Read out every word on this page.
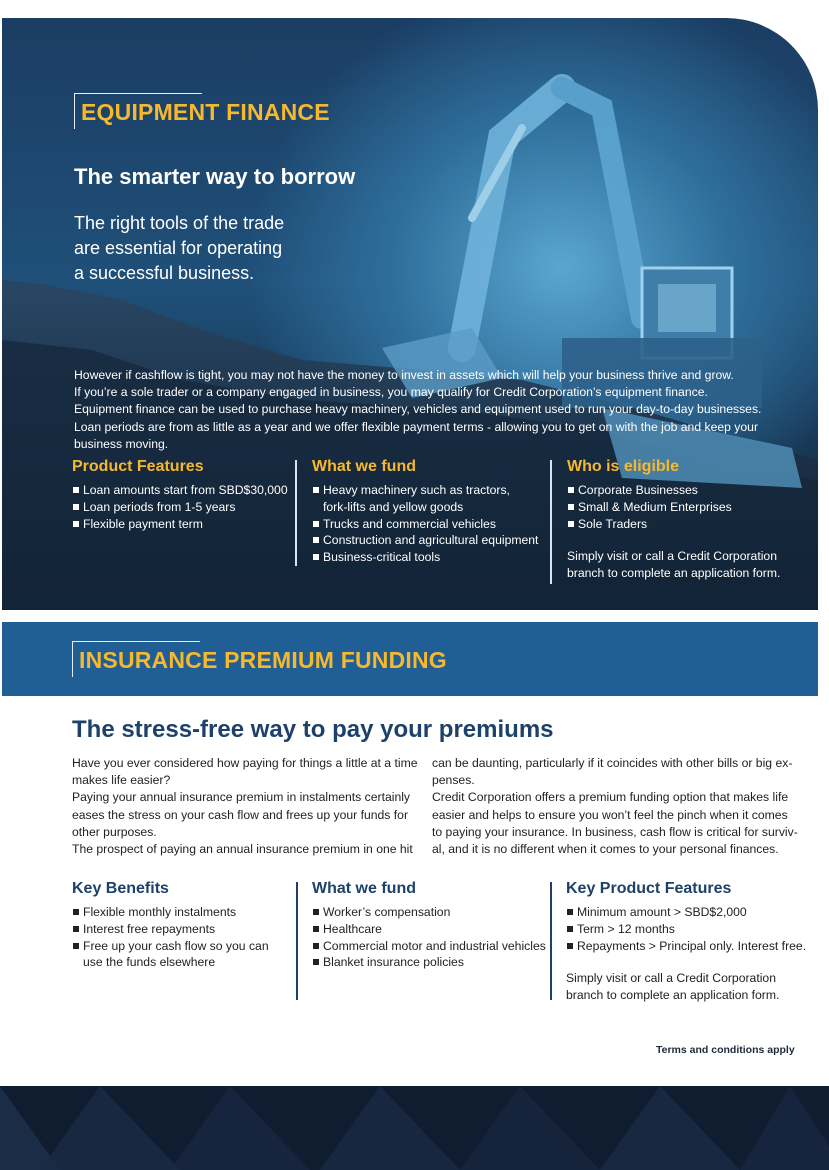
EQUIPMENT FINANCE
The smarter way to borrow

The right tools of the trade
are essential for operating
a successful business.

However if cashflow is tight, you may not have the money to invest in assets which will help your business thrive and grow.
If you’re a sole trader or a company engaged in business, you may qualify for Credit Corporation’s equipment finance.
Equipment finance can be used to purchase heavy machinery, vehicles and equipment used to run your day-to-day businesses.
Loan periods are from as little as a year and we offer flexible payment terms - allowing you to get on with the job and keep your
business moving.
Product Features
Loan amounts start from SBD$30,000
Loan periods from 1-5 years
Flexible payment term
What we fund
Heavy machinery such as tractors,
fork-lifts and yellow goods
Trucks and commercial vehicles
Construction and agricultural equipment
Business-critical tools
Who is eligible
Corporate Businesses
Small & Medium Enterprises
Sole Traders

Simply visit or call a Credit Corporation

branch to complete an application form.

INSURANCE PREMIUM FUNDING
The stress-free way to pay your premiums
Have you ever considered how paying for things a little at a time
makes life easier?
Paying your annual insurance premium in instalments certainly
eases the stress on your cash flow and frees up your funds for
other purposes.
The prospect of paying an annual insurance premium in one hit
can be daunting, particularly if it coincides with other bills or big ex-
penses.
Credit Corporation offers a premium funding option that makes life
easier and helps to ensure you won’t feel the pinch when it comes
to paying your insurance. In business, cash flow is critical for surviv-
al, and it is no different when it comes to your personal finances.
Key Benefits
Flexible monthly instalments
Interest free repayments
Free up your cash flow so you can
use the funds elsewhere
What we fund
Worker’s compensation
Healthcare
Commercial motor and industrial vehicles
Blanket insurance policies
Key Product Features
Minimum amount > SBD$2,000
Term > 12 months
Repayments > Principal only. Interest free.

Simply visit or call a Credit Corporation

branch to complete an application form.

Terms and conditions apply
